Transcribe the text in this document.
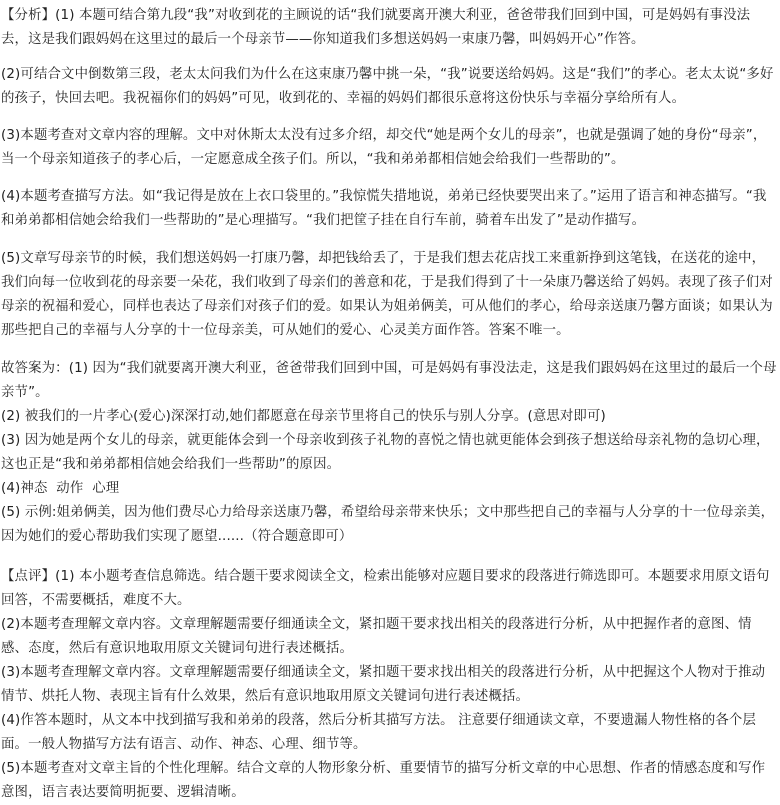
【分析】(1) 本题可结合第九段“我”对收到花的主顾说的话“我们就要离开澳大利亚，爸爸带我们回到中国，可是妈妈有事没法去，这是我们跟妈妈在这里过的最后一个母亲节——你知道我们多想送妈妈一束康乃馨，叫妈妈开心”作答。

(2)可结合文中倒数第三段，老太太问我们为什么在这束康乃馨中挑一朵，“我”说要送给妈妈。这是“我们”的孝心。老太太说“多好的孩子，快回去吧。我祝福你们的妈妈”可见，收到花的、幸福的妈妈们都很乐意将这份快乐与幸福分享给所有人。

(3)本题考查对文章内容的理解。文中对休斯太太没有过多介绍，却交代“她是两个女儿的母亲”，也就是强调了她的身份“母亲”，当一个母亲知道孩子的孝心后，一定愿意成全孩子们。所以，“我和弟弟都相信她会给我们一些帮助的”。

(4)本题考查描写方法。如“我记得是放在上衣口袋里的。”我惊慌失措地说，弟弟已经快要哭出来了。”运用了语言和神态描写。“我和弟弟都相信她会给我们一些帮助的”是心理描写。“我们把筐子挂在自行车前，骑着车出发了”是动作描写。

(5)文章写母亲节的时候，我们想送妈妈一打康乃馨，却把钱给丢了，于是我们想去花店找工来重新挣到这笔钱，在送花的途中，我们向每一位收到花的母亲要一朵花，我们收到了母亲们的善意和花，于是我们得到了十一朵康乃馨送给了妈妈。表现了孩子们对母亲的祝福和爱心，同样也表达了母亲们对孩子们的爱。如果认为姐弟俩美，可从他们的孝心，给母亲送康乃馨方面谈；如果认为那些把自己的幸福与人分享的十一位母亲美，可从她们的爱心、心灵美方面作答。答案不唯一。

故答案为：(1) 因为“我们就要离开澳大利亚，爸爸带我们回到中国，可是妈妈有事没法走，这是我们跟妈妈在这里过的最后一个母亲节”。

(2) 被我们的一片孝心(爱心)深深打动,她们都愿意在母亲节里将自己的快乐与别人分享。(意思对即可)

(3) 因为她是两个女儿的母亲，就更能体会到一个母亲收到孩子礼物的喜悦之情也就更能体会到孩子想送给母亲礼物的急切心理，这也正是“我和弟弟都相信她会给我们一些帮助”的原因。

(4)神态  动作  心理

(5) 示例:姐弟俩美，因为他们费尽心力给母亲送康乃馨，希望给母亲带来快乐；文中那些把自己的幸福与人分享的十一位母亲美，因为她们的爱心帮助我们实现了愿望......（符合题意即可）

【点评】(1) 本小题考查信息筛选。结合题干要求阅读全文，检索出能够对应题目要求的段落进行筛选即可。本题要求用原文语句回答，不需要概括，难度不大。

(2)本题考查理解文章内容。文章理解题需要仔细通读全文，紧扣题干要求找出相关的段落进行分析，从中把握作者的意图、情感、态度，然后有意识地取用原文关键词句进行表述概括。

(3)本题考查理解文章内容。文章理解题需要仔细通读全文，紧扣题干要求找出相关的段落进行分析，从中把握这个人物对于推动情节、烘托人物、表现主旨有什么效果，然后有意识地取用原文关键词句进行表述概括。

(4)作答本题时，从文本中找到描写我和弟弟的段落，然后分析其描写方法。 注意要仔细通读文章，不要遗漏人物性格的各个层面。一般人物描写方法有语言、动作、神态、心理、细节等。

(5)本题考查对文章主旨的个性化理解。结合文章的人物形象分析、重要情节的描写分析文章的中心思想、作者的情感态度和写作意图，语言表达要简明扼要、逻辑清晰。
